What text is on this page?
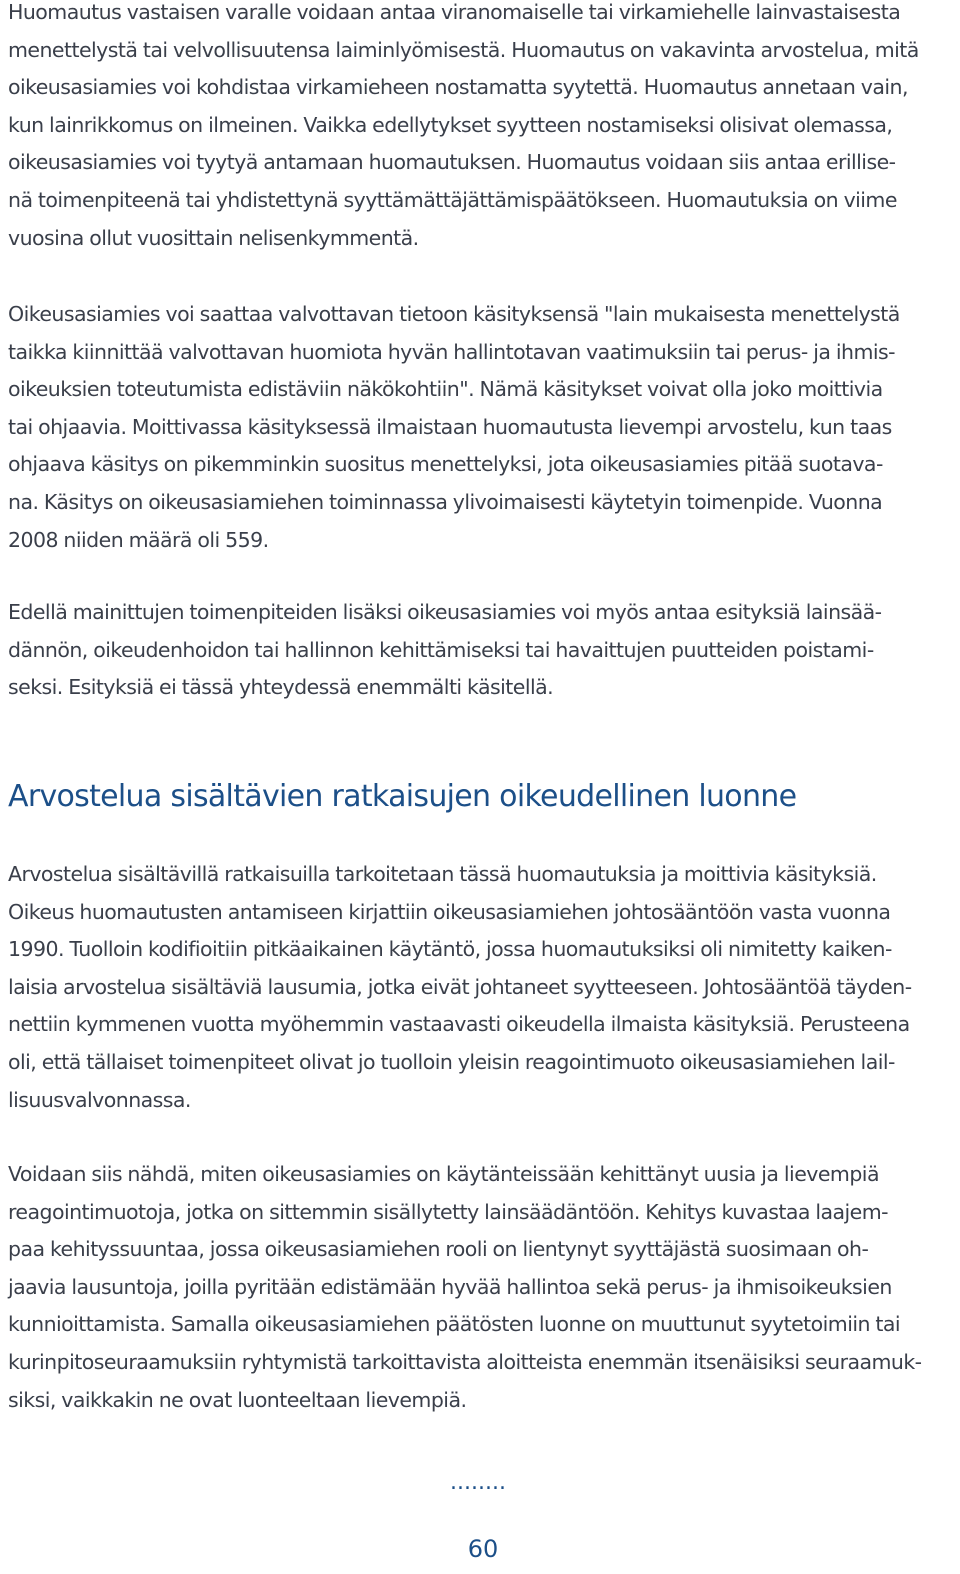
Huomautus vastaisen varalle voidaan antaa viranomaiselle tai virkamiehelle lainvastaisesta
menettelystä tai velvollisuutensa laiminlyömisestä. Huomautus on vakavinta arvostelua, mitä
oikeusasiamies voi kohdistaa virkamieheen nostamatta syytettä. Huomautus annetaan vain,
kun lainrikkomus on ilmeinen. Vaikka edellytykset syytteen nostamiseksi olisivat olemassa,
oikeusasiamies voi tyytyä antamaan huomautuksen. Huomautus voidaan siis antaa erillise-
nä toimenpiteenä tai yhdistettynä syyttämättäjättämispäätökseen. Huomautuksia on viime
vuosina ollut vuosittain nelisenkymmentä.

Oikeusasiamies voi saattaa valvottavan tietoon käsityksensä "lain mukaisesta menettelystä
taikka kiinnittää valvottavan huomiota hyvän hallintotavan vaatimuksiin tai perus- ja ihmis-
oikeuksien toteutumista edistäviin näkökohtiin". Nämä käsitykset voivat olla joko moittivia
tai ohjaavia. Moittivassa käsityksessä ilmaistaan huomautusta lievempi arvostelu, kun taas
ohjaava käsitys on pikemminkin suositus menettelyksi, jota oikeusasiamies pitää suotava-
na. Käsitys on oikeusasiamiehen toiminnassa ylivoimaisesti käytetyin toimenpide. Vuonna
2008 niiden määrä oli 559.

Edellä mainittujen toimenpiteiden lisäksi oikeusasiamies voi myös antaa esityksiä lainsää-
dännön, oikeudenhoidon tai hallinnon kehittämiseksi tai havaittujen puutteiden poistami-
seksi. Esityksiä ei tässä yhteydessä enemmälti käsitellä.

Arvostelua sisältävien ratkaisujen oikeudellinen luonne

Arvostelua sisältävillä ratkaisuilla tarkoitetaan tässä huomautuksia ja moittivia käsityksiä.
Oikeus huomautusten antamiseen kirjattiin oikeusasiamiehen johtosääntöön vasta vuonna
1990. Tuolloin kodifioitiin pitkäaikainen käytäntö, jossa huomautuksiksi oli nimitetty kaiken-
laisia arvostelua sisältäviä lausumia, jotka eivät johtaneet syytteeseen. Johtosääntöä täyden-
nettiin kymmenen vuotta myöhemmin vastaavasti oikeudella ilmaista käsityksiä. Perusteena
oli, että tällaiset toimenpiteet olivat jo tuolloin yleisin reagointimuoto oikeusasiamiehen lail-
lisuusvalvonnassa.

Voidaan siis nähdä, miten oikeusasiamies on käytänteissään kehittänyt uusia ja lievempiä
reagointimuotoja, jotka on sittemmin sisällytetty lainsäädäntöön. Kehitys kuvastaa laajem-
paa kehityssuuntaa, jossa oikeusasiamiehen rooli on lientynyt syyttäjästä suosimaan oh-
jaavia lausuntoja, joilla pyritään edistämään hyvää hallintoa sekä perus- ja ihmisoikeuksien
kunnioittamista. Samalla oikeusasiamiehen päätösten luonne on muuttunut syytetoimiin tai
kurinpitoseuraamuksiin ryhtymistä tarkoittavista aloitteista enemmän itsenäisiksi seuraamuk-
siksi, vaikkakin ne ovat luonteeltaan lievempiä.

........
60
